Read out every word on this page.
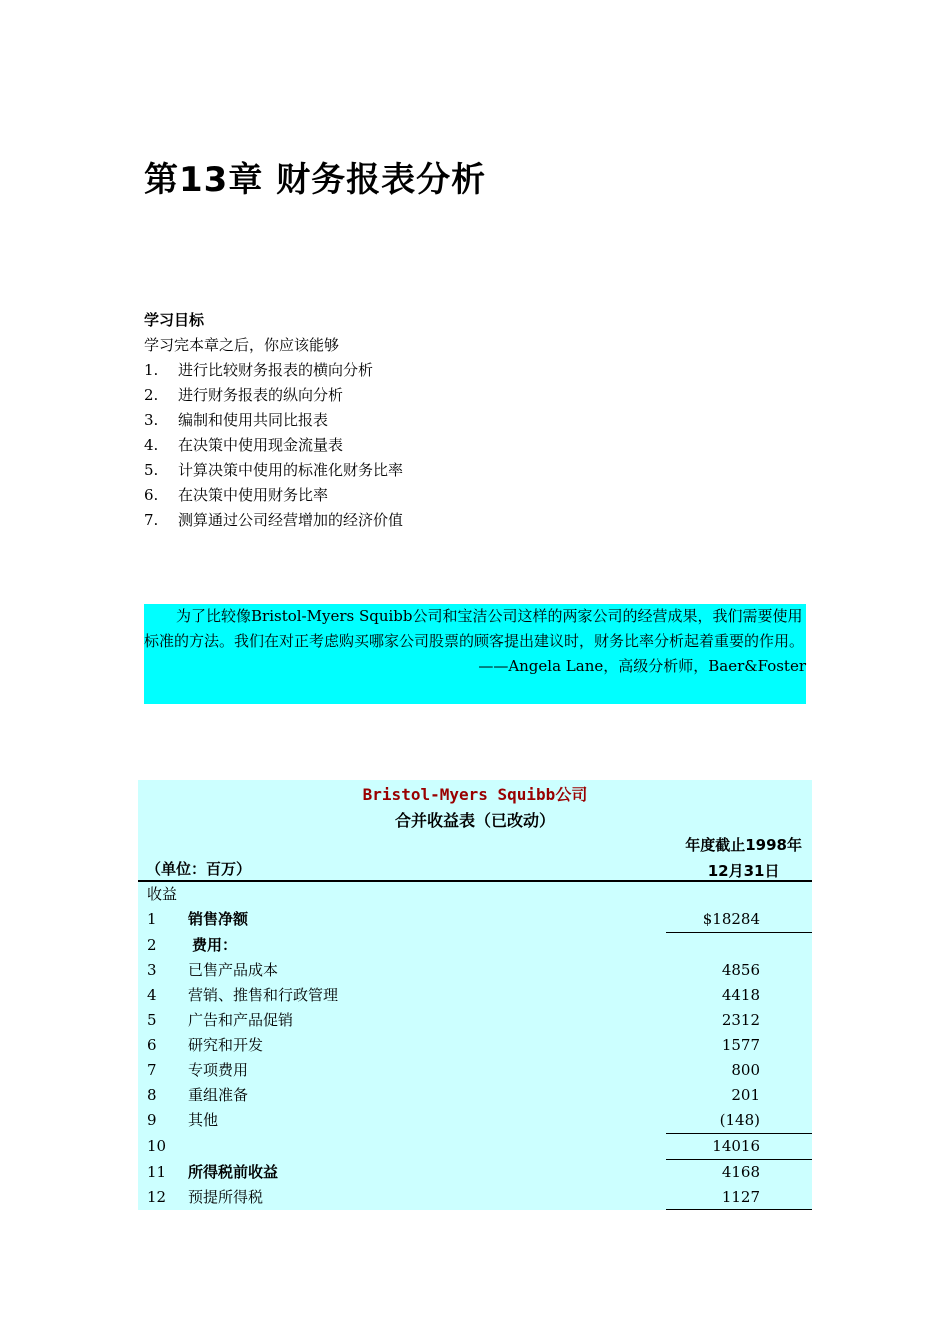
第13章 财务报表分析
学习目标
学习完本章之后，你应该能够
1.	进行比较财务报表的横向分析
2.	进行财务报表的纵向分析
3.	编制和使用共同比报表
4.	在决策中使用现金流量表
5.	计算决策中使用的标准化财务比率
6.	在决策中使用财务比率
7.	测算通过公司经营增加的经济价值

为了比较像Bristol-Myers Squibb公司和宝洁公司这样的两家公司的经营成果，我们需要使用标准的方法。我们在对正考虑购买哪家公司股票的顾客提出建议时，财务比率分析起着重要的作用。

——Angela Lane，高级分析师，Baer&Foster

Bristol-Myers Squibb公司
合并收益表（已改动）
年度截止1998年
12月31日
（单位：百万）
收益
1 销售净额	$18284
2 费用：
3 已售产品成本	4856
4 营销、推售和行政管理	4418
5 广告和产品促销	2312
6 研究和开发	1577
7 专项费用	800
8 重组准备	201
9 其他	(148)
10	14016
11 所得税前收益	4168
12 预提所得税	1127
